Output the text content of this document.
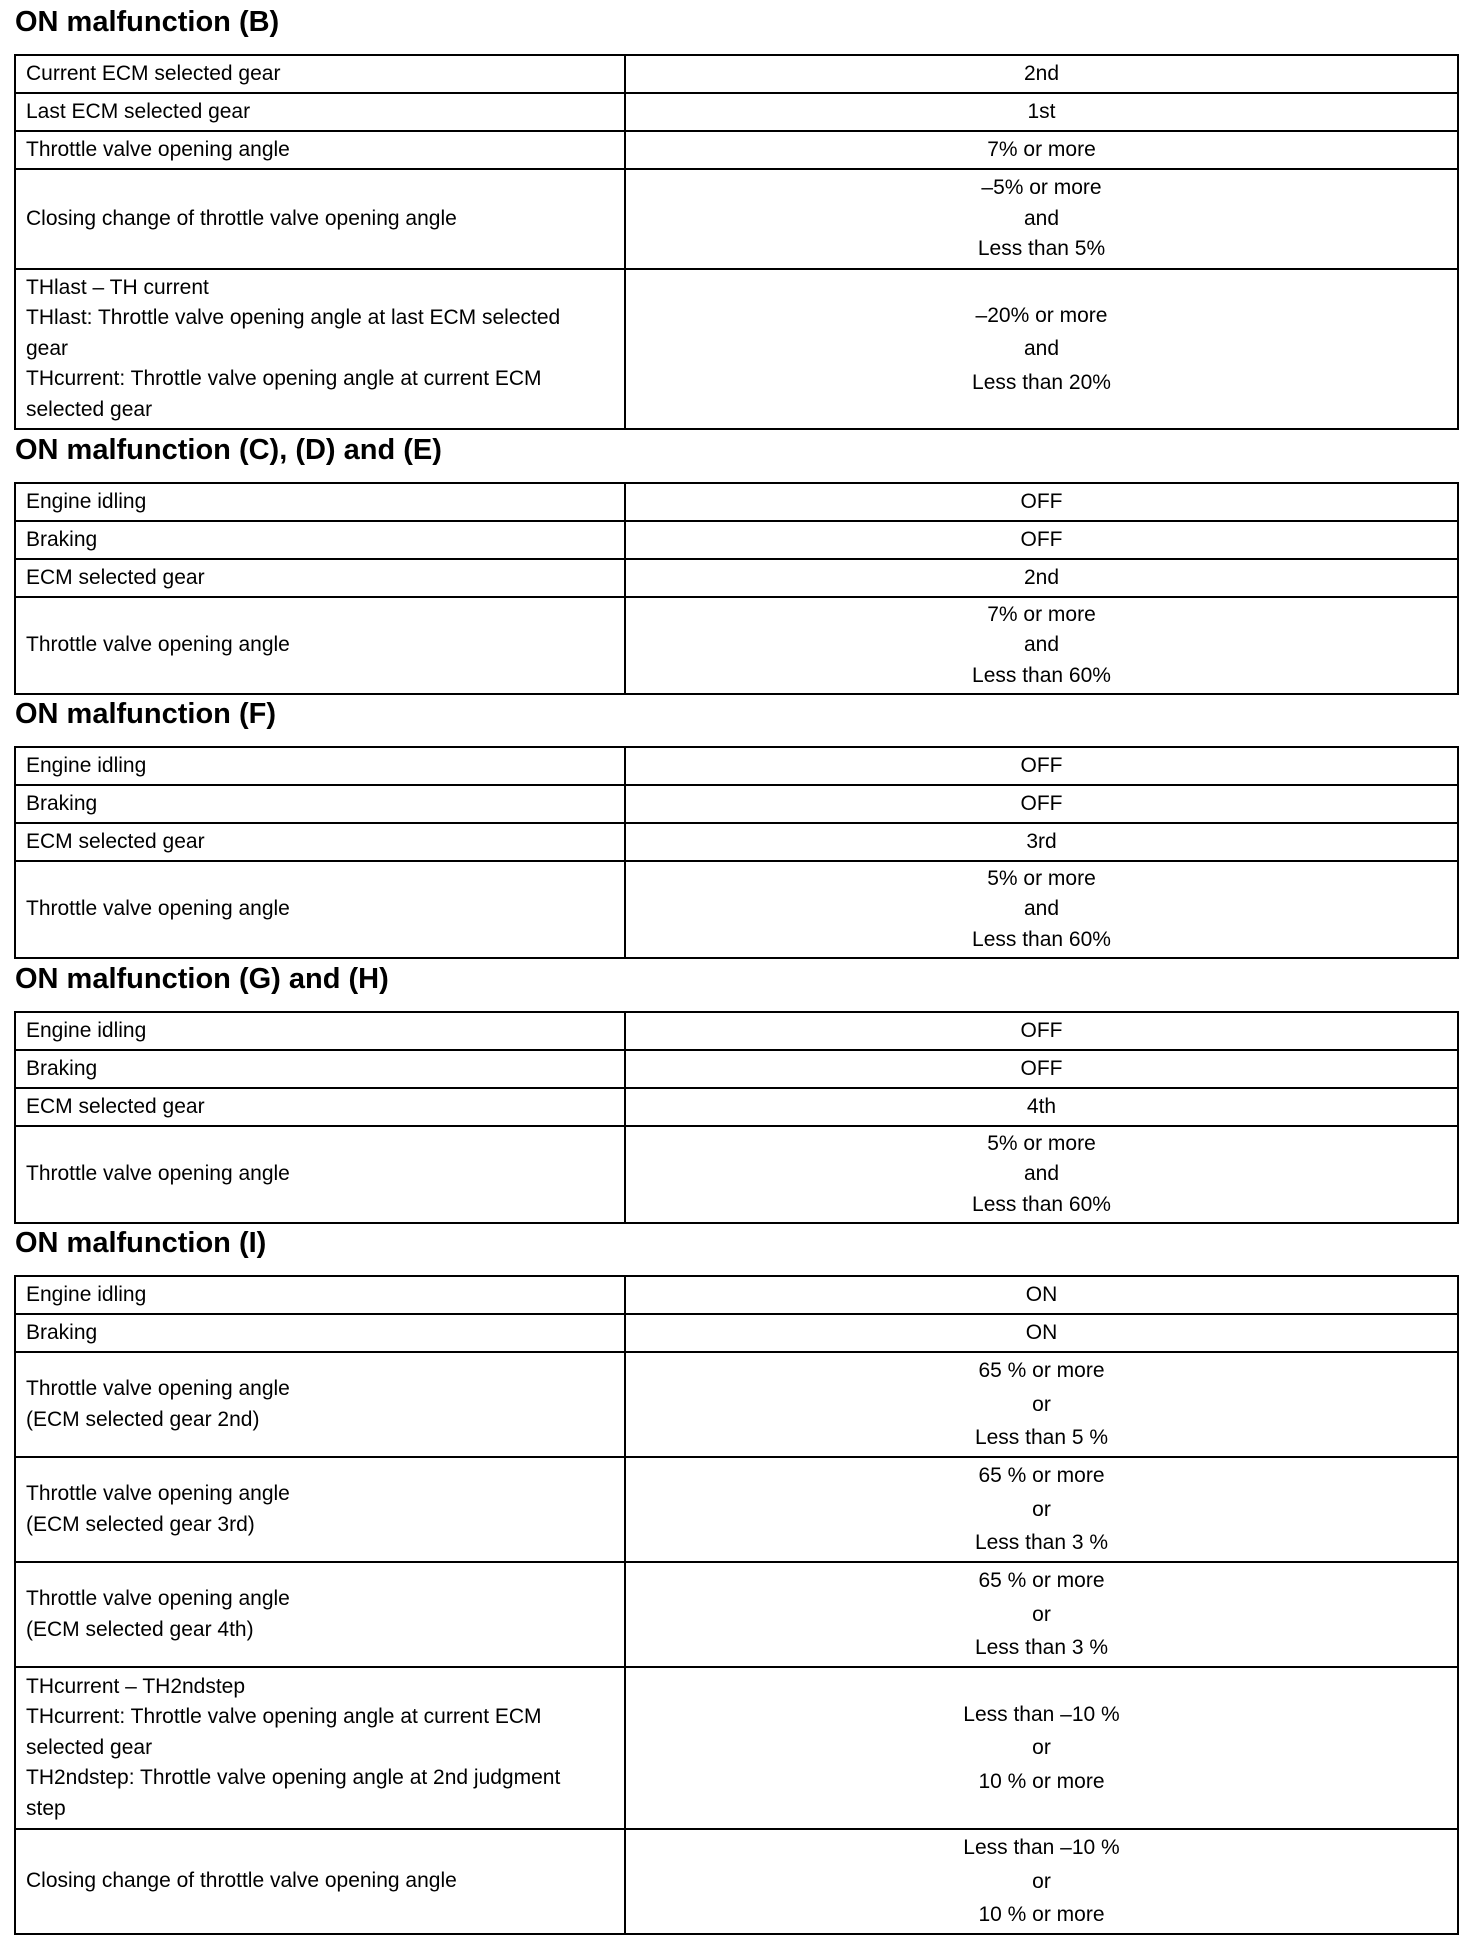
ON malfunction (B)
Current ECM selected gear	2nd

Last ECM selected gear	1st

Throttle valve opening angle	7% or more

Closing change of throttle valve opening angle	–5% or more
and
Less than 5%

THlast – TH current
THlast: Throttle valve opening angle at last ECM selected
gear
THcurrent: Throttle valve opening angle at current ECM
selected gear	–20% or more
and
Less than 20%
ON malfunction (C), (D) and (E)
Engine idling	OFF

Braking	OFF

ECM selected gear	2nd

Throttle valve opening angle	7% or more
and
Less than 60%
ON malfunction (F)
Engine idling	OFF

Braking	OFF

ECM selected gear	3rd

Throttle valve opening angle	5% or more
and
Less than 60%
ON malfunction (G) and (H)
Engine idling	OFF

Braking	OFF

ECM selected gear	4th

Throttle valve opening angle	5% or more
and
Less than 60%
ON malfunction (I)
Engine idling	ON

Braking	ON

Throttle valve opening angle
(ECM selected gear 2nd)	65 % or more
or
Less than 5 %

Throttle valve opening angle
(ECM selected gear 3rd)	65 % or more
or
Less than 3 %

Throttle valve opening angle
(ECM selected gear 4th)	65 % or more
or
Less than 3 %

THcurrent – TH2ndstep
THcurrent: Throttle valve opening angle at current ECM
selected gear
TH2ndstep: Throttle valve opening angle at 2nd judgment
step	Less than –10 %
or
10 % or more

Closing change of throttle valve opening angle	Less than –10 %
or
10 % or more
